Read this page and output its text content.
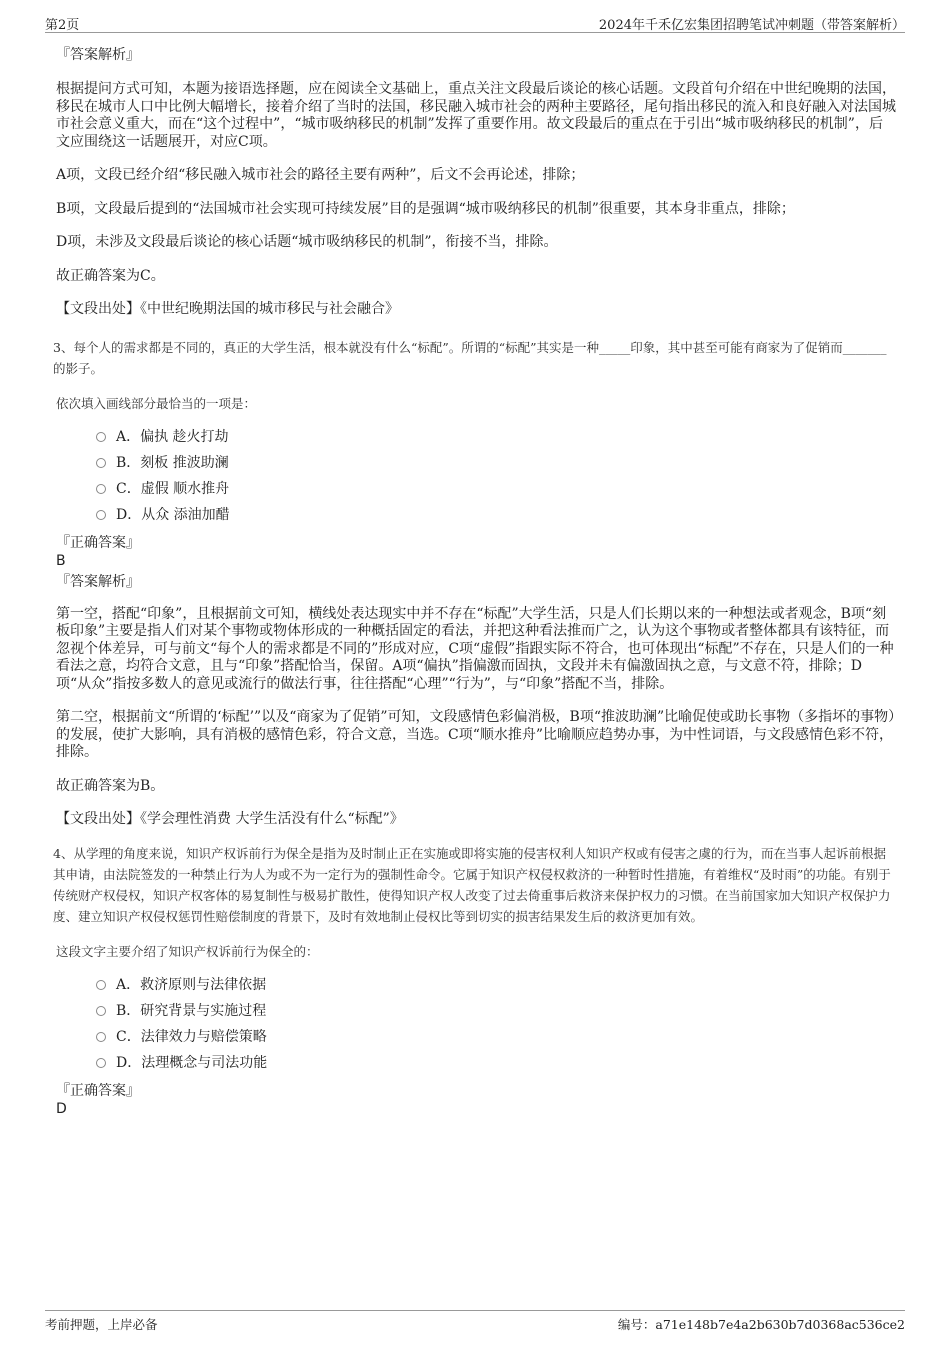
第2页	2024年千禾亿宏集团招聘笔试冲刺题（带答案解析）
『答案解析』

根据提问方式可知，本题为接语选择题，应在阅读全文基础上，重点关注文段最后谈论的核心话题。文段首句介绍在中世纪晚期的法国，移民在城市人口中比例大幅增长，接着介绍了当时的法国，移民融入城市社会的两种主要路径，尾句指出移民的流入和良好融入对法国城市社会意义重大，而在“这个过程中”，“城市吸纳移民的机制”发挥了重要作用。故文段最后的重点在于引出“城市吸纳移民的机制”，后文应围绕这一话题展开，对应C项。

A项，文段已经介绍“移民融入城市社会的路径主要有两种”，后文不会再论述，排除；

B项，文段最后提到的“法国城市社会实现可持续发展”目的是强调“城市吸纳移民的机制”很重要，其本身非重点，排除；

D项，未涉及文段最后谈论的核心话题“城市吸纳移民的机制”，衔接不当，排除。

故正确答案为C。

【文段出处】《中世纪晚期法国的城市移民与社会融合》

3、每个人的需求都是不同的，真正的大学生活，根本就没有什么“标配”。所谓的“标配”其实是一种_____印象，其中甚至可能有商家为了促销而_______的影子。

依次填入画线部分最恰当的一项是：

A．偏执 趁火打劫
B．刻板 推波助澜
C．虚假 顺水推舟
D．从众 添油加醋
『正确答案』
B
『答案解析』

第一空，搭配“印象”，且根据前文可知，横线处表达现实中并不存在“标配”大学生活，只是人们长期以来的一种想法或者观念，B项“刻板印象”主要是指人们对某个事物或物体形成的一种概括固定的看法，并把这种看法推而广之，认为这个事物或者整体都具有该特征，而忽视个体差异，可与前文“每个人的需求都是不同的”形成对应，C项“虚假”指跟实际不符合，也可体现出“标配”不存在，只是人们的一种看法之意，均符合文意，且与“印象”搭配恰当，保留。A项“偏执”指偏激而固执，文段并未有偏激固执之意，与文意不符，排除；D项“从众”指按多数人的意见或流行的做法行事，往往搭配“心理”“行为”，与“印象”搭配不当，排除。

第二空，根据前文“所谓的‘标配’”以及“商家为了促销”可知，文段感情色彩偏消极，B项“推波助澜”比喻促使或助长事物（多指坏的事物）的发展，使扩大影响，具有消极的感情色彩，符合文意，当选。C项“顺水推舟”比喻顺应趋势办事，为中性词语，与文段感情色彩不符，排除。

故正确答案为B。

【文段出处】《学会理性消费 大学生活没有什么“标配”》

4、从学理的角度来说，知识产权诉前行为保全是指为及时制止正在实施或即将实施的侵害权利人知识产权或有侵害之虞的行为，而在当事人起诉前根据其申请，由法院签发的一种禁止行为人为或不为一定行为的强制性命令。它属于知识产权侵权救济的一种暂时性措施，有着维权“及时雨”的功能。有别于传统财产权侵权，知识产权客体的易复制性与极易扩散性，使得知识产权人改变了过去倚重事后救济来保护权力的习惯。在当前国家加大知识产权保护力度、建立知识产权侵权惩罚性赔偿制度的背景下，及时有效地制止侵权比等到切实的损害结果发生后的救济更加有效。

这段文字主要介绍了知识产权诉前行为保全的：

A．救济原则与法律依据
B．研究背景与实施过程
C．法律效力与赔偿策略
D．法理概念与司法功能
『正确答案』
D
考前押题，上岸必备	编号：a71e148b7e4a2b630b7d0368ac536ce2
